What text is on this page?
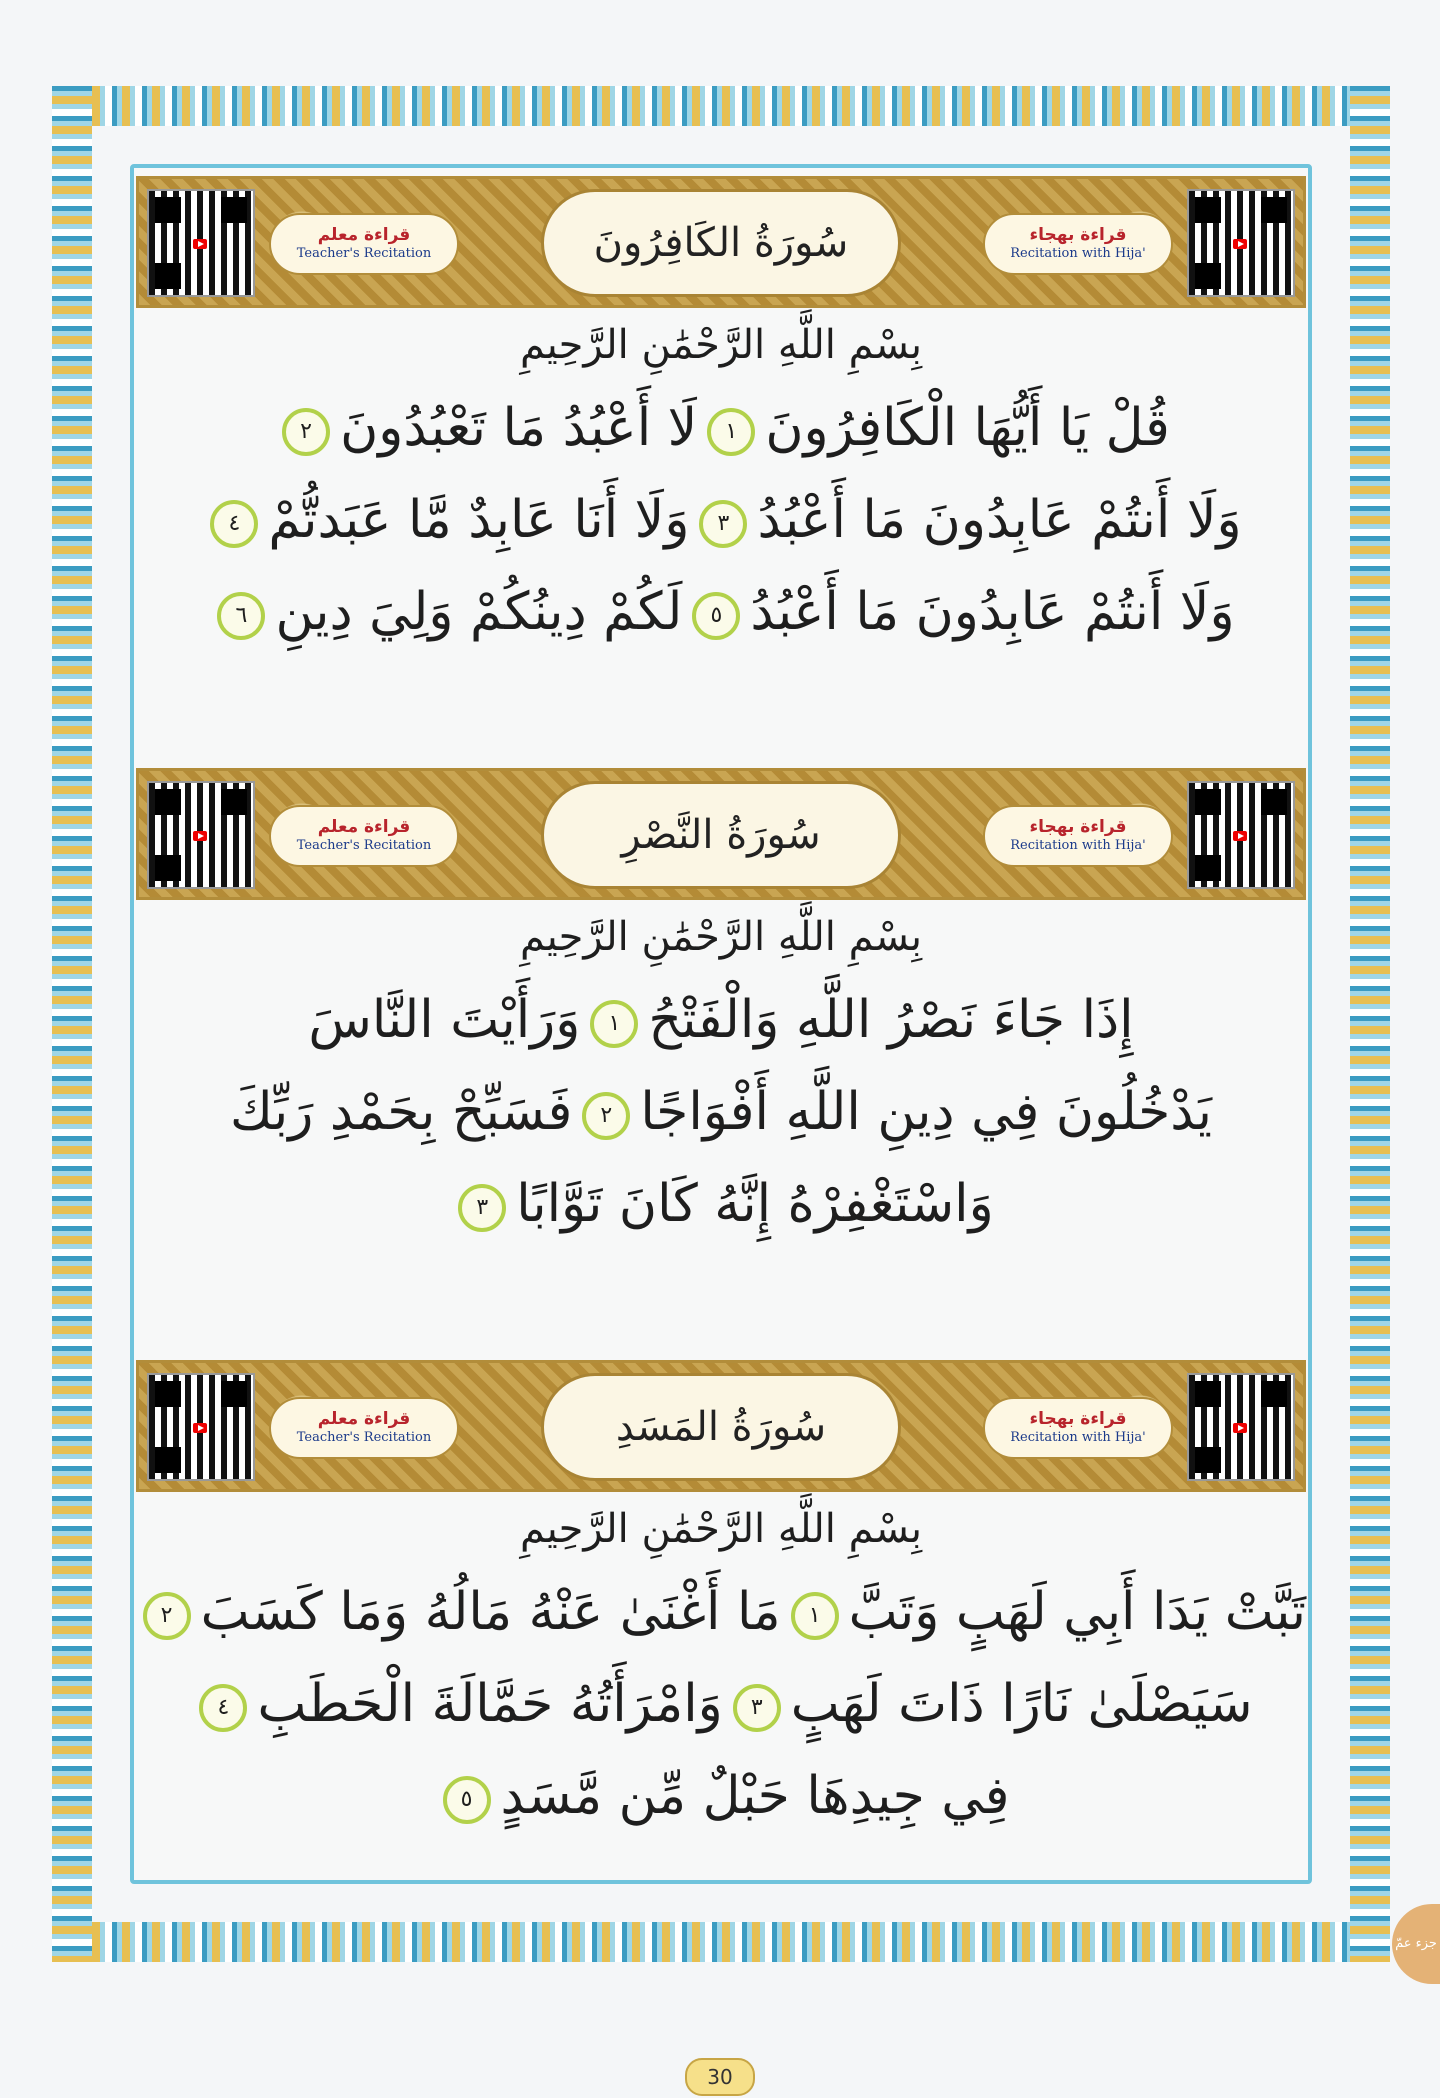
قراءة معلم
Teacher's Recitation	سُورَةُ الكَافِرُونَ	قراءة بهجاء
Recitation with Hija'
بِسْمِ اللَّهِ الرَّحْمَٰنِ الرَّحِيمِ
قُلْ يَا أَيُّهَا الْكَافِرُونَ١لَا أَعْبُدُ مَا تَعْبُدُونَ٢
وَلَا أَنتُمْ عَابِدُونَ مَا أَعْبُدُ٣وَلَا أَنَا عَابِدٌ مَّا عَبَدتُّمْ٤
وَلَا أَنتُمْ عَابِدُونَ مَا أَعْبُدُ٥لَكُمْ دِينُكُمْ وَلِيَ دِينِ٦
قراءة معلم
Teacher's Recitation	سُورَةُ النَّصْرِ	قراءة بهجاء
Recitation with Hija'
بِسْمِ اللَّهِ الرَّحْمَٰنِ الرَّحِيمِ
إِذَا جَاءَ نَصْرُ اللَّهِ وَالْفَتْحُ١وَرَأَيْتَ النَّاسَ
يَدْخُلُونَ فِي دِينِ اللَّهِ أَفْوَاجًا٢فَسَبِّحْ بِحَمْدِ رَبِّكَ
وَاسْتَغْفِرْهُ إِنَّهُ كَانَ تَوَّابًا٣
قراءة معلم
Teacher's Recitation	سُورَةُ المَسَدِ	قراءة بهجاء
Recitation with Hija'
بِسْمِ اللَّهِ الرَّحْمَٰنِ الرَّحِيمِ
تَبَّتْ يَدَا أَبِي لَهَبٍ وَتَبَّ١مَا أَغْنَىٰ عَنْهُ مَالُهُ وَمَا كَسَبَ٢
سَيَصْلَىٰ نَارًا ذَاتَ لَهَبٍ٣وَامْرَأَتُهُ حَمَّالَةَ الْحَطَبِ٤
فِي جِيدِهَا حَبْلٌ مِّن مَّسَدٍ٥
جزء عمّ
30
